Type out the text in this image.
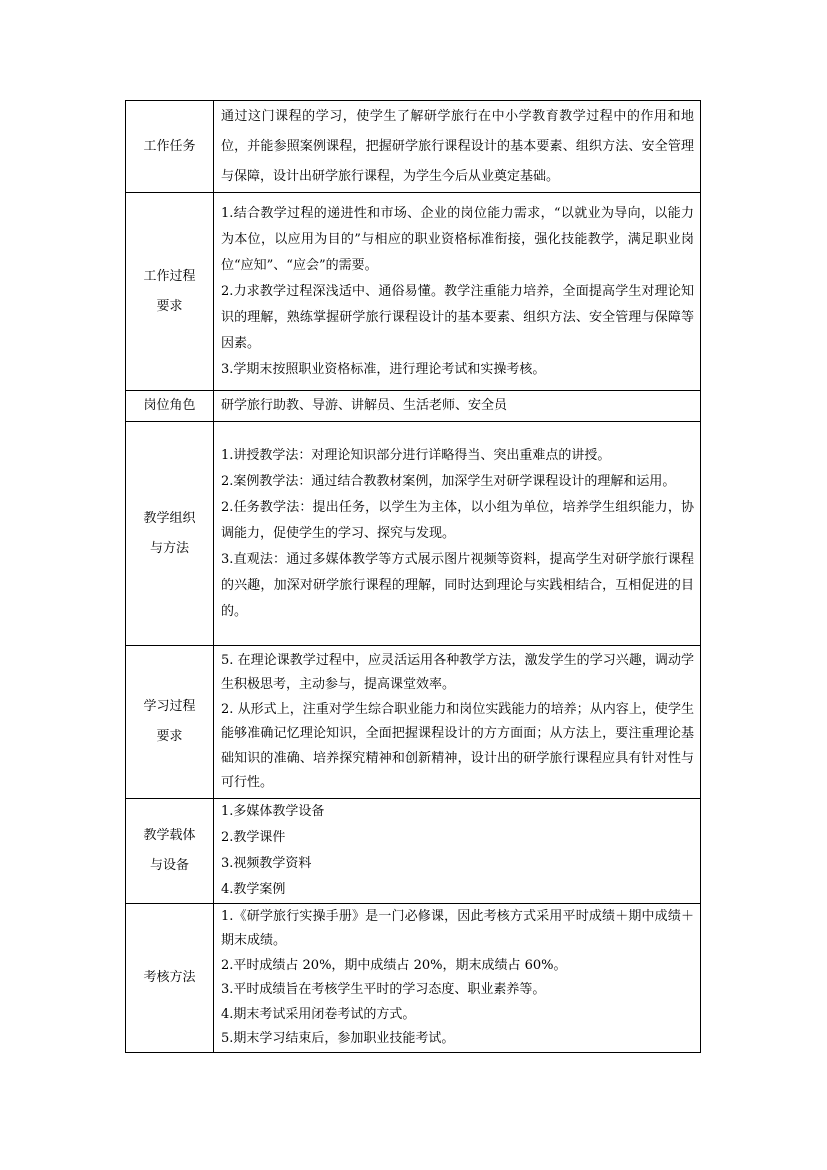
工作任务	通过这门课程的学习，使学生了解研学旅行在中小学教育教学过程中的作用和地位，并能参照案例课程，把握研学旅行课程设计的基本要素、组织方法、安全管理与保障，设计出研学旅行课程，为学生今后从业奠定基础。

工作过程
要求	1.结合教学过程的递进性和市场、企业的岗位能力需求，“以就业为导向，以能力为本位，以应用为目的”与相应的职业资格标准衔接，强化技能教学，满足职业岗位“应知”、“应会”的需要。
2.力求教学过程深浅适中、通俗易懂。教学注重能力培养，全面提高学生对理论知识的理解，熟练掌握研学旅行课程设计的基本要素、组织方法、安全管理与保障等因素。
3.学期末按照职业资格标准，进行理论考试和实操考核。

岗位角色	研学旅行助教、导游、讲解员、生活老师、安全员

教学组织
与方法	1.讲授教学法：对理论知识部分进行详略得当、突出重难点的讲授。
2.案例教学法：通过结合教教材案例，加深学生对研学课程设计的理解和运用。
2.任务教学法：提出任务，以学生为主体，以小组为单位，培养学生组织能力，协调能力，促使学生的学习、探究与发现。
3.直观法：通过多媒体教学等方式展示图片视频等资料，提高学生对研学旅行课程的兴趣，加深对研学旅行课程的理解，同时达到理论与实践相结合，互相促进的目的。

学习过程
要求	5. 在理论课教学过程中，应灵活运用各种教学方法，激发学生的学习兴趣，调动学生积极思考，主动参与，提高课堂效率。
2. 从形式上，注重对学生综合职业能力和岗位实践能力的培养；从内容上，使学生能够准确记忆理论知识，全面把握课程设计的方方面面；从方法上，要注重理论基础知识的准确、培养探究精神和创新精神，设计出的研学旅行课程应具有针对性与可行性。

教学载体
与设备	1.多媒体教学设备
2.教学课件
3.视频教学资料
4.教学案例

考核方法	1.《研学旅行实操手册》是一门必修课，因此考核方式采用平时成绩＋期中成绩＋期末成绩。
2.平时成绩占 20%，期中成绩占 20%，期末成绩占 60%。
3.平时成绩旨在考核学生平时的学习态度、职业素养等。
4.期末考试采用闭卷考试的方式。
5.期末学习结束后，参加职业技能考试。
